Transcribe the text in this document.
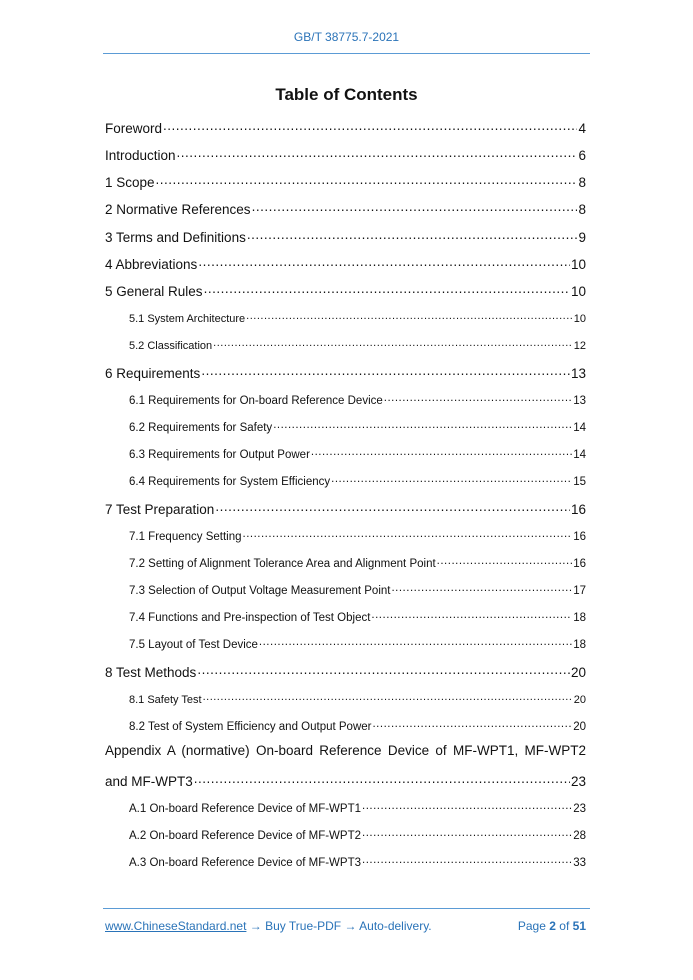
GB/T 38775.7-2021
Table of Contents
Foreword .....	4
Introduction .....	6
1 Scope .....	8
2 Normative References .....	8
3 Terms and Definitions .....	9
4 Abbreviations .....	10
5 General Rules .....	10
5.1 System Architecture .....	10
5.2 Classification .....	12
6 Requirements .....	13
6.1 Requirements for On-board Reference Device .....	13
6.2 Requirements for Safety .....	14
6.3 Requirements for Output Power .....	14
6.4 Requirements for System Efficiency .....	15
7 Test Preparation .....	16
7.1 Frequency Setting .....	16
7.2 Setting of Alignment Tolerance Area and Alignment Point .....	16
7.3 Selection of Output Voltage Measurement Point .....	17
7.4 Functions and Pre-inspection of Test Object .....	18
7.5 Layout of Test Device .....	18
8 Test Methods .....	20
8.1 Safety Test .....	20
8.2 Test of System Efficiency and Output Power .....	20
Appendix A (normative) On-board Reference Device of MF-WPT1, MF-WPT2
and MF-WPT3 .....	23
A.1 On-board Reference Device of MF-WPT1 .....	23
A.2 On-board Reference Device of MF-WPT2 .....	28
A.3 On-board Reference Device of MF-WPT3 .....	33
www.ChineseStandard.net → Buy True-PDF → Auto-delivery.	Page 2 of 51
